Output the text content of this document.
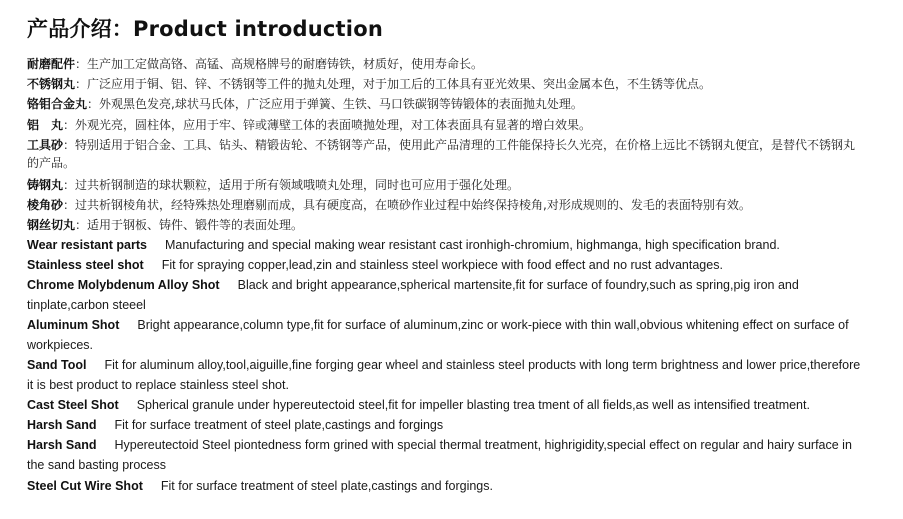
产品介绍：Product introduction
耐磨配件：生产加工定做高铬、高锰、高规格牌号的耐磨铸铁，材质好，使用寿命长。
不锈钢丸：广泛应用于铜、铝、锌、不锈钢等工件的抛丸处理，对于加工后的工体具有亚光效果、突出金属本色，不生锈等优点。
铬钼合金丸：外观黑色发亮,球状马氏体，广泛应用于弹簧、生铁、马口铁碳钢等铸锻体的表面抛丸处理。
铝　丸：外观光亮，圆柱体，应用于牢、锌或薄壁工体的表面喷抛处理，对工体表面具有显著的增白效果。
工具砂：特别适用于铝合金、工具、钻头、精锻齿轮、不锈钢等产品，使用此产品清理的工件能保持长久光亮，在价格上远比不锈钢丸便宜，是替代不锈钢丸的产品。
铸钢丸：过共析钢制造的球状颗粒，适用于所有领域哦喷丸处理，同时也可应用于强化处理。
棱角砂：过共析钢棱角状，经特殊热处理磨剔而成，具有硬度高，在喷砂作业过程中始终保持棱角,对形成规则的、发毛的表面特别有效。
钢丝切丸：适用于钢板、铸件、锻件等的表面处理。
Wear resistant parts Manufacturing and special making wear resistant cast ironhigh-chromium, highmanga, high specification brand.
Stainless steel shot Fit for spraying copper,lead,zin and stainless steel workpiece with food effect and no rust advantages.
Chrome Molybdenum Alloy Shot Black and bright appearance,spherical martensite,fit for surface of foundry,such as spring,pig iron and tinplate,carbon steeel
Aluminum Shot Bright appearance,column type,fit for surface of aluminum,zinc or work-piece with thin wall,obvious whitening effect on surface of workpieces.
Sand Tool Fit for aluminum alloy,tool,aiguille,fine forging gear wheel and stainless steel products with long term brightness and lower price,therefore it is best product to replace stainless steel shot.
Cast Steel Shot Spherical granule under hypereutectoid steel,fit for impeller blasting trea tment of all fields,as well as intensified treatment.
Harsh Sand Fit for surface treatment of steel plate,castings and forgings
Harsh Sand Hypereutectoid Steel piontedness form grined with special thermal treatment, highrigidity,special effect on regular and hairy surface in the sand basting process
Steel Cut Wire Shot Fit for surface treatment of steel plate,castings and forgings.
